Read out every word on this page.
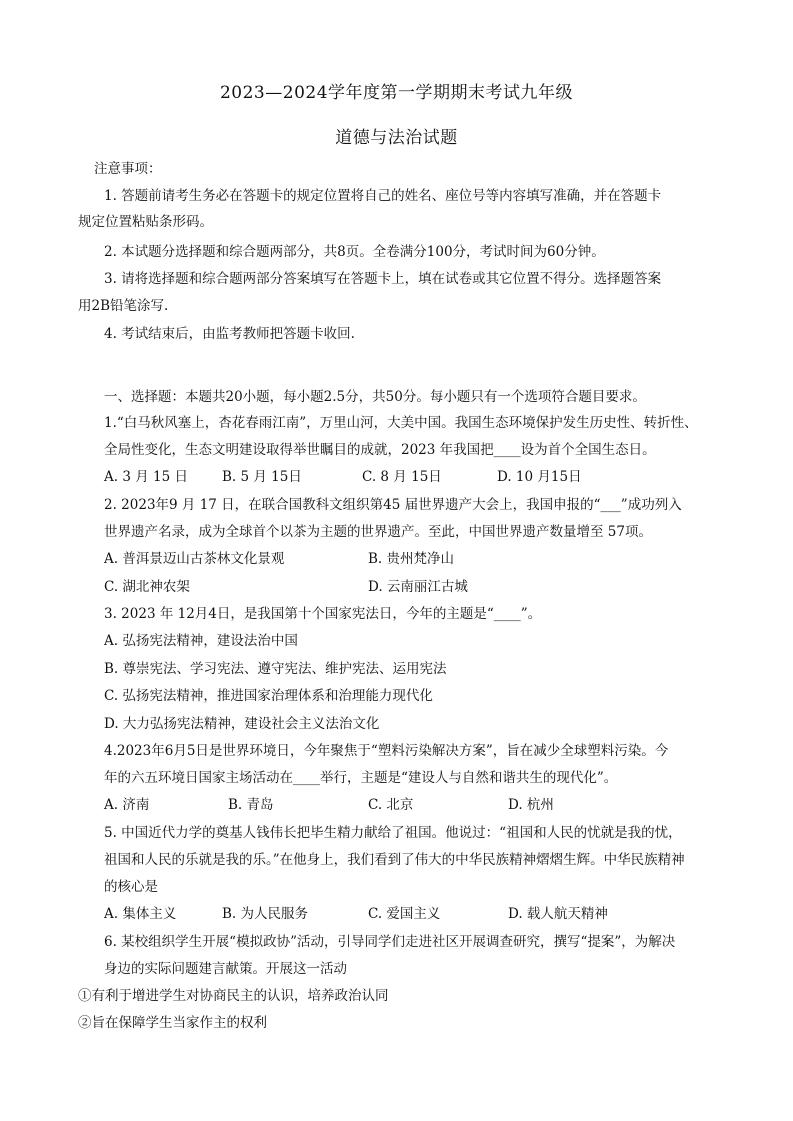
2023—2024学年度第一学期期末考试九年级
道德与法治试题
注意事项：
1. 答题前请考生务必在答题卡的规定位置将自己的姓名、座位号等内容填写准确，并在答题卡
规定位置粘贴条形码。
2. 本试题分选择题和综合题两部分，共8页。全卷满分100分，考试时间为60分钟。
3. 请将选择题和综合题两部分答案填写在答题卡上，填在试卷或其它位置不得分。选择题答案
用2B铅笔涂写.
4. 考试结束后，由监考教师把答题卡收回.
一、选择题：本题共20小题，每小题2.5分，共50分。每小题只有一个选项符合题目要求。
1.“白马秋风塞上，杏花春雨江南”，万里山河，大美中国。我国生态环境保护发生历史性、转折性、
全局性变化，生态文明建设取得举世瞩目的成就，2023 年我国把____设为首个全国生态日。
A. 3 月 15 日	B. 5 月 15日	C. 8 月 15日	D. 10 月15日
2. 2023年9 月 17 日，在联合国教科文组织第45 届世界遗产大会上，我国申报的“___”成功列入
世界遗产名录，成为全球首个以茶为主题的世界遗产。至此，中国世界遗产数量增至 57项。
A. 普洱景迈山古茶林文化景观	B. 贵州梵净山
C. 湖北神农架	D. 云南丽江古城
3. 2023 年 12月4日，是我国第十个国家宪法日，今年的主题是“____”。
A. 弘扬宪法精神，建设法治中国
B. 尊崇宪法、学习宪法、遵守宪法、维护宪法、运用宪法
C. 弘扬宪法精神，推进国家治理体系和治理能力现代化
D. 大力弘扬宪法精神，建设社会主义法治文化
4.2023年6月5日是世界环境日，今年聚焦于“塑料污染解决方案”，旨在减少全球塑料污染。今
年的六五环境日国家主场活动在____举行，主题是“建设人与自然和谐共生的现代化”。
A. 济南	B. 青岛	C. 北京	D. 杭州
5. 中国近代力学的奠基人钱伟长把毕生精力献给了祖国。他说过：“祖国和人民的忧就是我的忧，
祖国和人民的乐就是我的乐。”在他身上，我们看到了伟大的中华民族精神熠熠生辉。中华民族精神
的核心是
A. 集体主义	B. 为人民服务	C. 爱国主义	D. 载人航天精神
6. 某校组织学生开展“模拟政协”活动，引导同学们走进社区开展调查研究，撰写“提案”，为解决
身边的实际问题建言献策。开展这一活动
①有利于增进学生对协商民主的认识，培养政治认同
②旨在保障学生当家作主的权利
